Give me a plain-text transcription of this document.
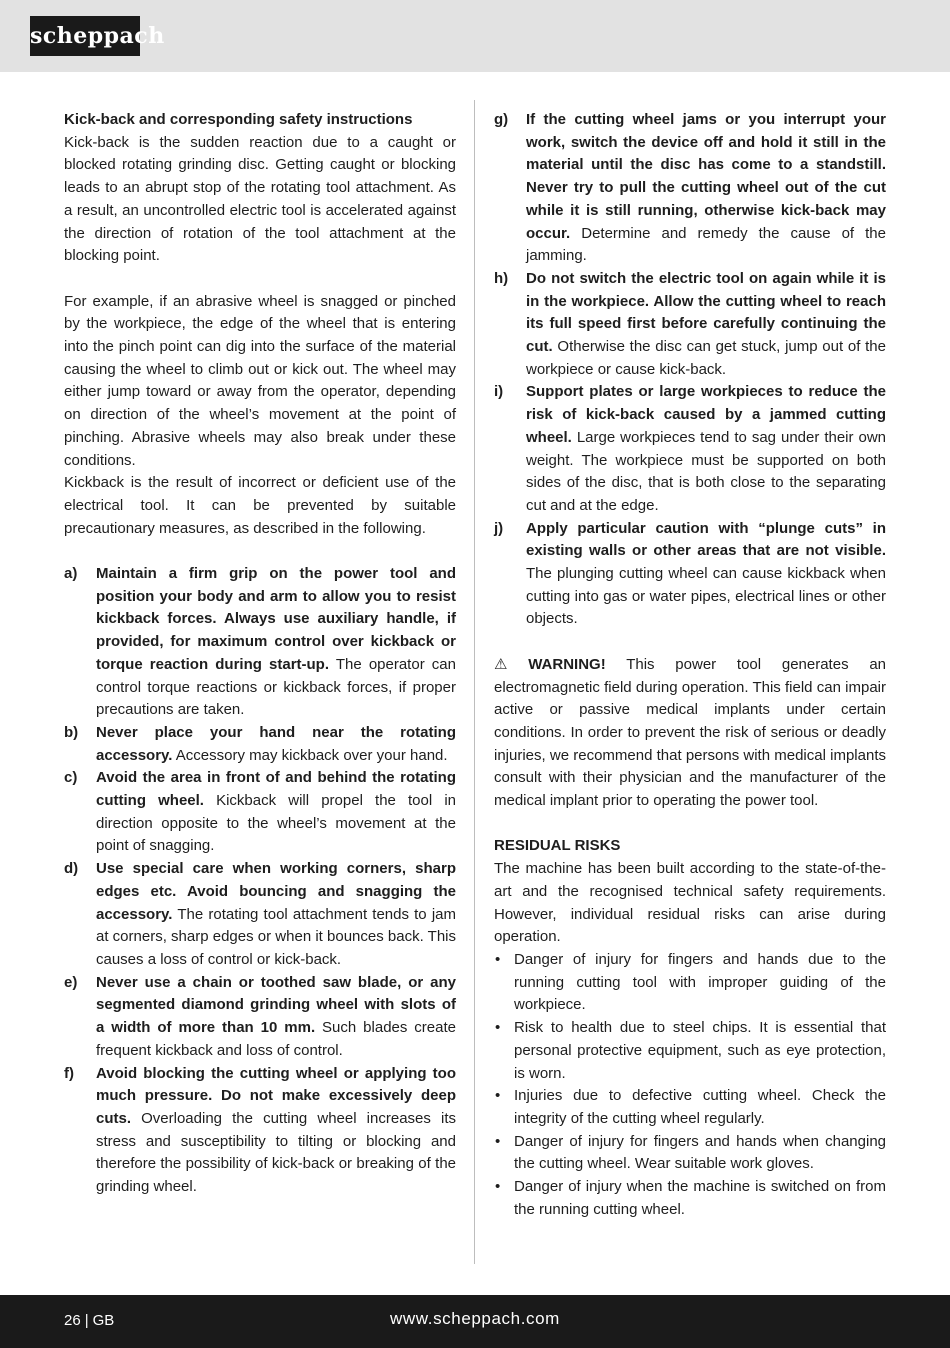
scheppach

Kick-back and corresponding safety instructions

Kick-back is the sudden reaction due to a caught or blocked rotating grinding disc. Getting caught or blocking leads to an abrupt stop of the rotating tool attachment. As a result, an uncontrolled electric tool is accelerated against the direction of rotation of the tool attachment at the blocking point.

For example, if an abrasive wheel is snagged or pinched by the workpiece, the edge of the wheel that is entering into the pinch point can dig into the surface of the material causing the wheel to climb out or kick out. The wheel may either jump toward or away from the operator, depending on direction of the wheel’s movement at the point of pinching. Abrasive wheels may also break under these conditions.

Kickback is the result of incorrect or deficient use of the electrical tool. It can be prevented by suitable precautionary measures, as described in the following.

a)	Maintain a firm grip on the power tool and position your body and arm to allow you to resist kickback forces. Always use auxiliary handle, if provided, for maximum control over kickback or torque reaction during start-up. The operator can control torque reactions or kickback forces, if proper precautions are taken.
b)	Never place your hand near the rotating accessory. Accessory may kickback over your hand.
c)	Avoid the area in front of and behind the rotating cutting wheel. Kickback will propel the tool in direction opposite to the wheel’s movement at the point of snagging.
d)	Use special care when working corners, sharp edges etc. Avoid bouncing and snagging the accessory. The rotating tool attachment tends to jam at corners, sharp edges or when it bounces back. This causes a loss of control or kick-back.
e)	Never use a chain or toothed saw blade, or any segmented diamond grinding wheel with slots of a width of more than 10 mm. Such blades create frequent kickback and loss of control.
f)	Avoid blocking the cutting wheel or applying too much pressure. Do not make excessively deep cuts. Overloading the cutting wheel increases its stress and susceptibility to tilting or blocking and therefore the possibility of kick-back or breaking of the grinding wheel.
g)	If the cutting wheel jams or you interrupt your work, switch the device off and hold it still in the material until the disc has come to a standstill. Never try to pull the cutting wheel out of the cut while it is still running, otherwise kick-back may occur. Determine and remedy the cause of the jamming.
h)	Do not switch the electric tool on again while it is in the workpiece. Allow the cutting wheel to reach its full speed first before carefully continuing the cut. Otherwise the disc can get stuck, jump out of the workpiece or cause kick-back.
i)	Support plates or large workpieces to reduce the risk of kick-back caused by a jammed cutting wheel. Large workpieces tend to sag under their own weight. The workpiece must be supported on both sides of the disc, that is both close to the separating cut and at the edge.
j)	Apply particular caution with “plunge cuts” in existing walls or other areas that are not visible. The plunging cutting wheel can cause kickback when cutting into gas or water pipes, electrical lines or other objects.

⚠ WARNING! This power tool generates an electromagnetic field during operation. This field can impair active or passive medical implants under certain conditions. In order to prevent the risk of serious or deadly injuries, we recommend that persons with medical implants consult with their physician and the manufacturer of the medical implant prior to operating the power tool.

RESIDUAL RISKS

The machine has been built according to the state-of-the-art and the recognised technical safety requirements. However, individual residual risks can arise during operation.

• Danger of injury for fingers and hands due to the running cutting tool with improper guiding of the workpiece.
• Risk to health due to steel chips. It is essential that personal protective equipment, such as eye protection, is worn.
• Injuries due to defective cutting wheel. Check the integrity of the cutting wheel regularly.
• Danger of injury for fingers and hands when changing the cutting wheel. Wear suitable work gloves.
• Danger of injury when the machine is switched on from the running cutting wheel.
26 | GB	www.scheppach.com
